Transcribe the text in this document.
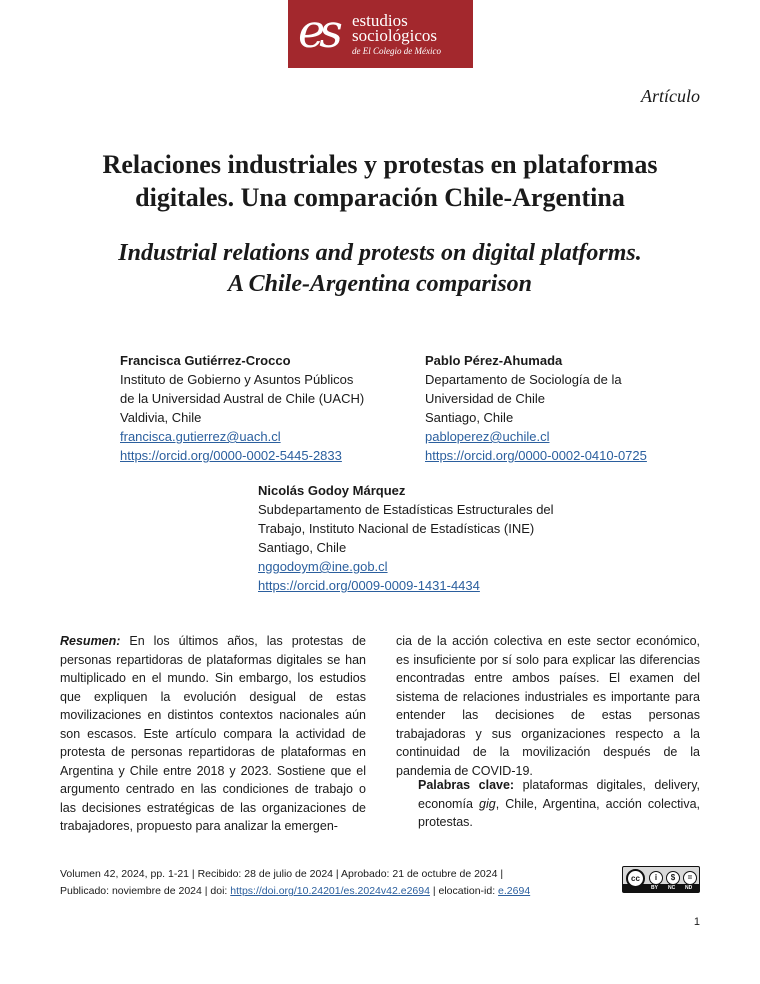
es estudios
sociológicos
de El Colegio de México
Artículo
Relaciones industriales y protestas en plataformas
digitales. Una comparación Chile-Argentina
Industrial relations and protests on digital platforms.
A Chile-Argentina comparison
Francisca Gutiérrez-Crocco
Instituto de Gobierno y Asuntos Públicos
de la Universidad Austral de Chile (UACH)
Valdivia, Chile
francisca.gutierrez@uach.cl
https://orcid.org/0000-0002-5445-2833
Pablo Pérez-Ahumada
Departamento de Sociología de la
Universidad de Chile
Santiago, Chile
pabloperez@uchile.cl
https://orcid.org/0000-0002-0410-0725
Nicolás Godoy Márquez
Subdepartamento de Estadísticas Estructurales del
Trabajo, Instituto Nacional de Estadísticas (INE)
Santiago, Chile
nggodoym@ine.gob.cl
https://orcid.org/0009-0009-1431-4434
Resumen: En los últimos años, las protestas de personas repartidoras de plataformas digitales se han multiplicado en el mundo. Sin embargo, los estudios que expliquen la evolución desigual de estas movilizaciones en distintos contextos nacionales aún son escasos. Este artículo compara la actividad de protesta de personas repartidoras de plataformas en Argentina y Chile entre 2018 y 2023. Sostiene que el argumento centrado en las condiciones de trabajo o las decisiones estratégicas de las organizaciones de trabajadores, propuesto para analizar la emergen-
cia de la acción colectiva en este sector económico, es insuficiente por sí solo para explicar las diferencias encontradas entre ambos países. El examen del sistema de relaciones industriales es importante para entender las decisiones de estas personas trabajadoras y sus organizaciones respecto a la continuidad de la movilización después de la pandemia de COVID-19.
Palabras clave: plataformas digitales, delivery, economía gig, Chile, Argentina, acción colectiva, protestas.
Volumen 42, 2024, pp. 1-21 | Recibido: 28 de julio de 2024 | Aprobado: 21 de octubre de 2024 |
Publicado: noviembre de 2024 | doi: https://doi.org/10.24201/es.2024v42.e2694 | elocation-id: e.2694
cc	i	$	=
BY NC ND
1
